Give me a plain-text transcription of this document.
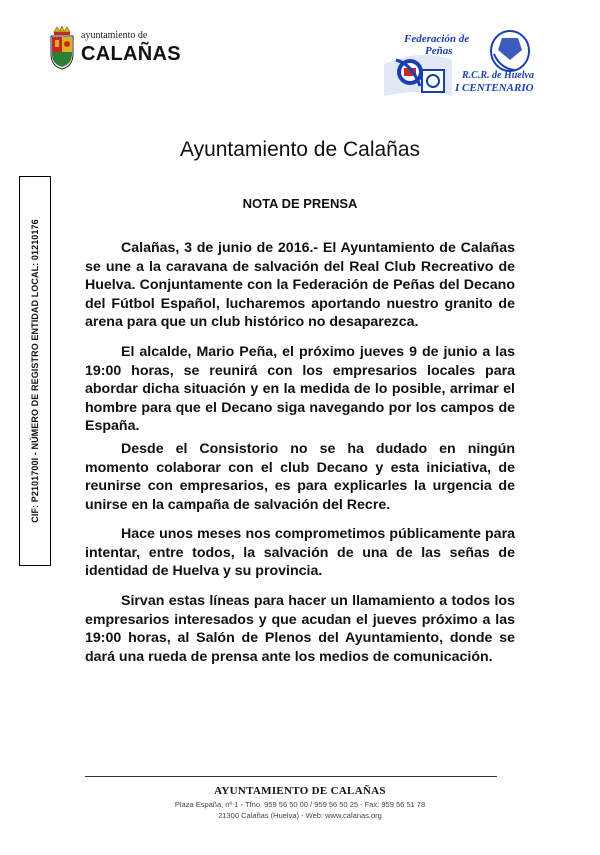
ayuntamiento de
CALAÑAS
Federación de
Peñas
R.C.R. de Huelva
I CENTENARIO
Ayuntamiento de Calañas
NOTA DE PRENSA
CIF: P2101700I - NÚMERO DE REGISTRO ENTIDAD LOCAL: 01210176	Calañas, 3 de junio de 2016.- El Ayuntamiento de Calañas se une a la caravana de salvación del Real Club Recreativo de Huelva. Conjuntamente con la Federación de Peñas del Decano del Fútbol Español, lucharemos aportando nuestro granito de arena para que un club histórico no desaparezca.

El alcalde, Mario Peña, el próximo jueves 9 de junio a las 19:00 horas, se reunirá con los empresarios locales para abordar dicha situación y en la medida de lo posible, arrimar el hombre para que el Decano siga navegando por los campos de España.

Desde el Consistorio no se ha dudado en ningún momento colaborar con el club Decano y esta iniciativa, de reunirse con empresarios, es para explicarles la urgencia de unirse en la campaña de salvación del Recre.

Hace unos meses nos comprometimos públicamente para intentar, entre todos, la salvación de una de las señas de identidad de Huelva y su provincia.

Sirvan estas líneas para hacer un llamamiento a todos los empresarios interesados y que acudan el jueves próximo a las 19:00 horas, al Salón de Plenos del Ayuntamiento, donde se dará una rueda de prensa ante los medios de comunicación.

AYUNTAMIENTO DE CALAÑAS
Plaza España, nº 1 - Tfno. 959 56 50 00 / 959 56 50 25 - Fax: 959 56 51 78
21300 Calañas (Huelva) - Web: www.calanas.org
